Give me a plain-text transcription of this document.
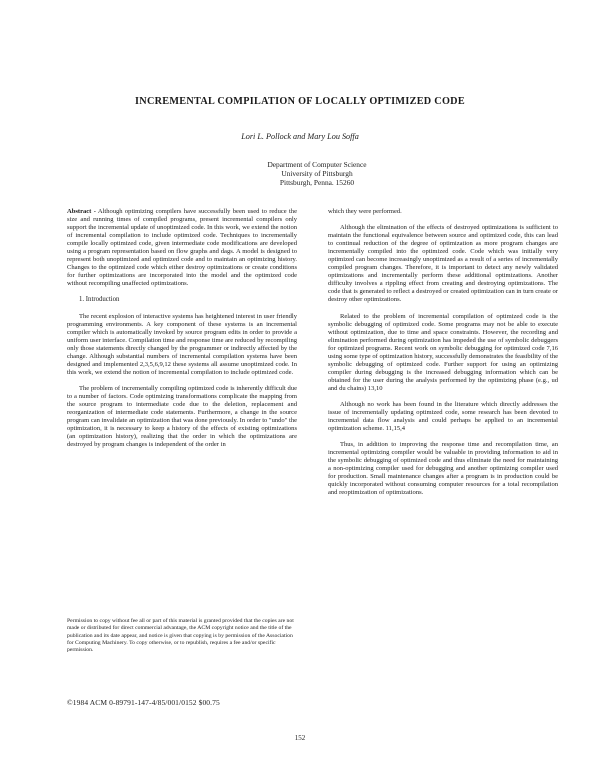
INCREMENTAL COMPILATION OF LOCALLY OPTIMIZED CODE
Lori L. Pollock and Mary Lou Soffa
Department of Computer Science
University of Pittsburgh
Pittsburgh, Penna. 15260

Abstract - Although optimizing compilers have successfully been used to reduce the size and running times of compiled programs, present incremental compilers only support the incremental update of unoptimized code. In this work, we extend the notion of incremental compilation to include optimized code. Techniques to incrementally compile locally optimized code, given intermediate code modifications are developed using a program representation based on flow graphs and dags. A model is designed to represent both unoptimized and optimized code and to maintain an optimizing history. Changes to the optimized code which either destroy optimizations or create conditions for further optimizations are incorporated into the model and the optimized code without recompiling unaffected optimizations.

1. Introduction

The recent explosion of interactive systems has heightened interest in user friendly programming environments. A key component of these systems is an incremental compiler which is automatically invoked by source program edits in order to provide a uniform user interface. Compilation time and response time are reduced by recompiling only those statements directly changed by the programmer or indirectly affected by the change. Although substantial numbers of incremental compilation systems have been designed and implemented 2,3,5,6,9,12 these systems all assume unoptimized code. In this work, we extend the notion of incremental compilation to include optimized code.

The problem of incrementally compiling optimized code is inherently difficult due to a number of factors. Code optimizing transformations complicate the mapping from the source program to intermediate code due to the deletion, replacement and reorganization of intermediate code statements. Furthermore, a change in the source program can invalidate an optimization that was done previously. In order to "undo" the optimization, it is necessary to keep a history of the effects of existing optimizations (an optimization history), realizing that the order in which the optimizations are destroyed by program changes is independent of the order in

Permission to copy without fee all or part of this material is granted provided that the copies are not made or distributed for direct commercial advantage, the ACM copyright notice and the title of the publication and its date appear, and notice is given that copying is by permission of the Association for Computing Machinery. To copy otherwise, or to republish, requires a fee and/or specific permission.
©1984 ACM 0-89791-147-4/85/001/0152 $00.75

which they were performed.

Although the elimination of the effects of destroyed optimizations is sufficient to maintain the functional equivalence between source and optimized code, this can lead to continual reduction of the degree of optimization as more program changes are incrementally compiled into the optimized code. Code which was initially very optimized can become increasingly unoptimized as a result of a series of incrementally compiled program changes. Therefore, it is important to detect any newly validated optimizations and incrementally perform these additional optimizations. Another difficulty involves a rippling effect from creating and destroying optimizations. The code that is generated to reflect a destroyed or created optimization can in turn create or destroy other optimizations.

Related to the problem of incremental compilation of optimized code is the symbolic debugging of optimized code. Some programs may not be able to execute without optimization, due to time and space constraints. However, the recording and elimination performed during optimization has impeded the use of symbolic debuggers for optimized programs. Recent work on symbolic debugging for optimized code 7,16 using some type of optimization history, successfully demonstrates the feasibility of the symbolic debugging of optimized code. Further support for using an optimizing compiler during debugging is the increased debugging information which can be obtained for the user during the analysis performed by the optimizing phase (e.g., ud and du chains) 13,10

Although no work has been found in the literature which directly addresses the issue of incrementally updating optimized code, some research has been devoted to incremental data flow analysis and could perhaps be applied to an incremental optimization scheme. 11,15,4

Thus, in addition to improving the response time and recompilation time, an incremental optimizing compiler would be valuable in providing information to aid in the symbolic debugging of optimized code and thus eliminate the need for maintaining a non-optimizing compiler used for debugging and another optimizing compiler used for production. Small maintenance changes after a program is in production could be quickly incorporated without consuming computer resources for a total recompilation and reoptimization of optimizations.

152
